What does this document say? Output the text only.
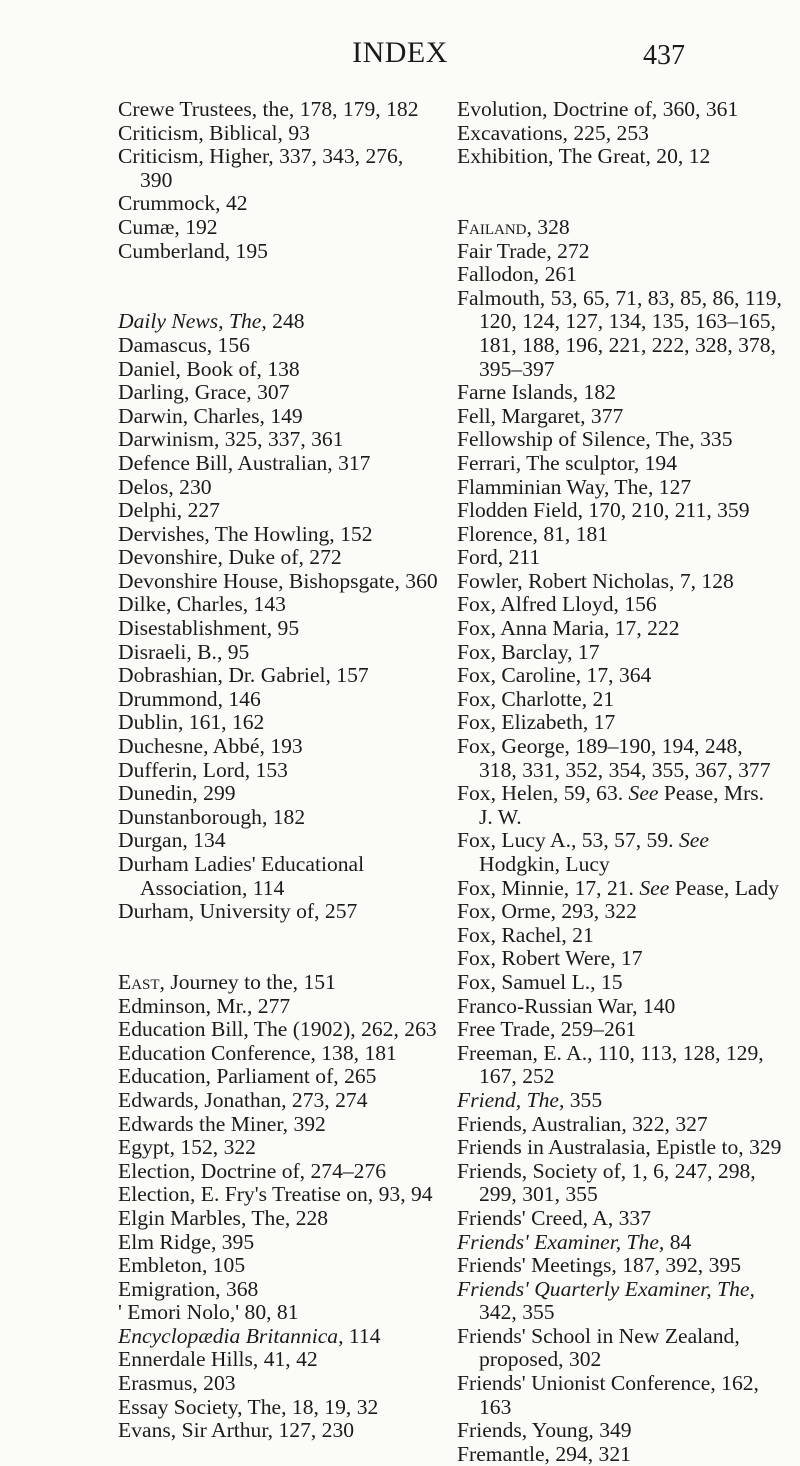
INDEX	437
Crewe Trustees, the, 178, 179, 182
Criticism, Biblical, 93
Criticism, Higher, 337, 343, 276, 390
Crummock, 42
Cumæ, 192
Cumberland, 195
Daily News, The, 248
Damascus, 156
Daniel, Book of, 138
Darling, Grace, 307
Darwin, Charles, 149
Darwinism, 325, 337, 361
Defence Bill, Australian, 317
Delos, 230
Delphi, 227
Dervishes, The Howling, 152
Devonshire, Duke of, 272
Devonshire House, Bishopsgate, 360
Dilke, Charles, 143
Disestablishment, 95
Disraeli, B., 95
Dobrashian, Dr. Gabriel, 157
Drummond, 146
Dublin, 161, 162
Duchesne, Abbé, 193
Dufferin, Lord, 153
Dunedin, 299
Dunstanborough, 182
Durgan, 134
Durham Ladies' Educational Association, 114
Durham, University of, 257
East, Journey to the, 151
Edminson, Mr., 277
Education Bill, The (1902), 262, 263
Education Conference, 138, 181
Education, Parliament of, 265
Edwards, Jonathan, 273, 274
Edwards the Miner, 392
Egypt, 152, 322
Election, Doctrine of, 274–276
Election, E. Fry's Treatise on, 93, 94
Elgin Marbles, The, 228
Elm Ridge, 395
Embleton, 105
Emigration, 368
' Emori Nolo,' 80, 81
Encyclopædia Britannica, 114
Ennerdale Hills, 41, 42
Erasmus, 203
Essay Society, The, 18, 19, 32
Evans, Sir Arthur, 127, 230
Evolution, Doctrine of, 360, 361
Excavations, 225, 253
Exhibition, The Great, 20, 12
Failand, 328
Fair Trade, 272
Fallodon, 261
Falmouth, 53, 65, 71, 83, 85, 86, 119, 120, 124, 127, 134, 135, 163–165, 181, 188, 196, 221, 222, 328, 378, 395–397
Farne Islands, 182
Fell, Margaret, 377
Fellowship of Silence, The, 335
Ferrari, The sculptor, 194
Flamminian Way, The, 127
Flodden Field, 170, 210, 211, 359
Florence, 81, 181
Ford, 211
Fowler, Robert Nicholas, 7, 128
Fox, Alfred Lloyd, 156
Fox, Anna Maria, 17, 222
Fox, Barclay, 17
Fox, Caroline, 17, 364
Fox, Charlotte, 21
Fox, Elizabeth, 17
Fox, George, 189–190, 194, 248, 318, 331, 352, 354, 355, 367, 377
Fox, Helen, 59, 63. See Pease, Mrs. J. W.
Fox, Lucy A., 53, 57, 59. See Hodgkin, Lucy
Fox, Minnie, 17, 21. See Pease, Lady
Fox, Orme, 293, 322
Fox, Rachel, 21
Fox, Robert Were, 17
Fox, Samuel L., 15
Franco-Russian War, 140
Free Trade, 259–261
Freeman, E. A., 110, 113, 128, 129, 167, 252
Friend, The, 355
Friends, Australian, 322, 327
Friends in Australasia, Epistle to, 329
Friends, Society of, 1, 6, 247, 298, 299, 301, 355
Friends' Creed, A, 337
Friends' Examiner, The, 84
Friends' Meetings, 187, 392, 395
Friends' Quarterly Examiner, The, 342, 355
Friends' School in New Zealand, proposed, 302
Friends' Unionist Conference, 162, 163
Friends, Young, 349
Fremantle, 294, 321
